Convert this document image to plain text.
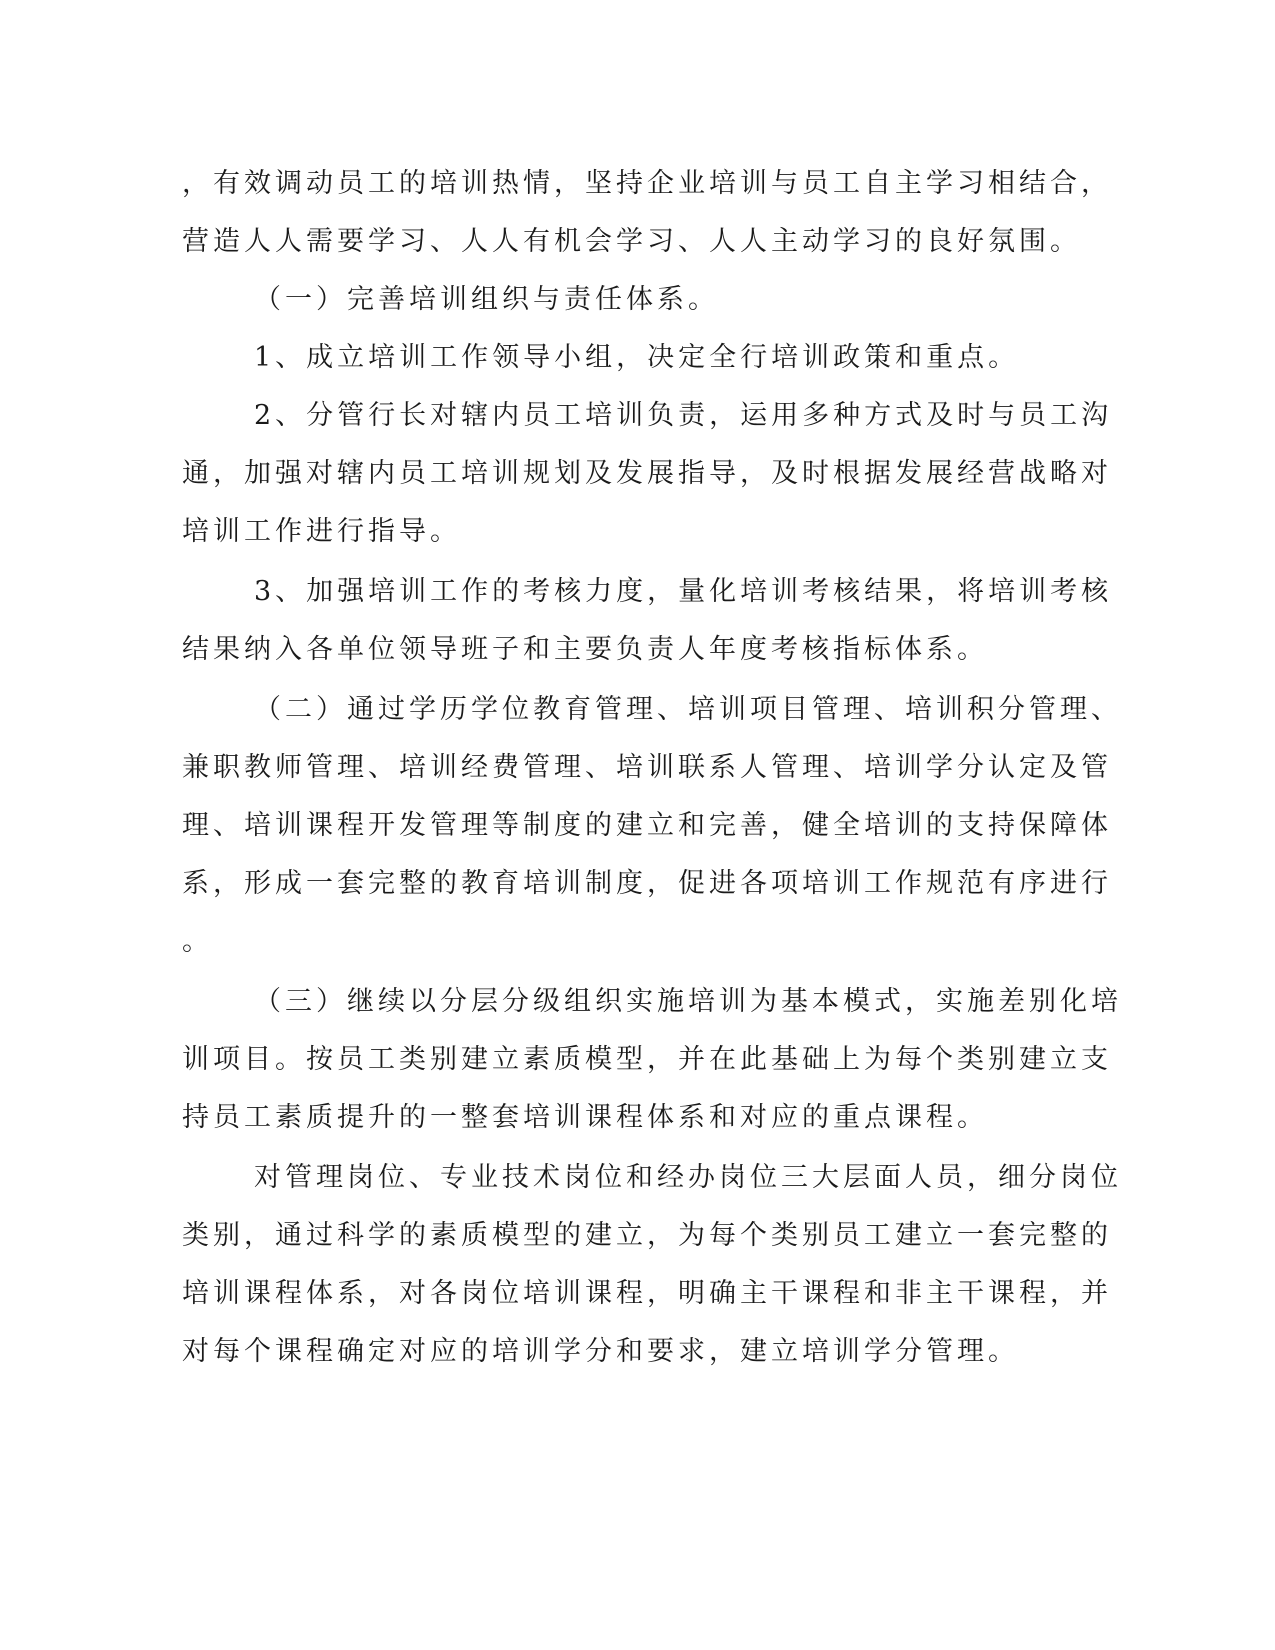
，有效调动员工的培训热情，坚持企业培训与员工自主学习相结合，
营造人人需要学习、人人有机会学习、人人主动学习的良好氛围。
（一）完善培训组织与责任体系。
1、成立培训工作领导小组，决定全行培训政策和重点。
2、分管行长对辖内员工培训负责，运用多种方式及时与员工沟
通，加强对辖内员工培训规划及发展指导，及时根据发展经营战略对
培训工作进行指导。
3、加强培训工作的考核力度，量化培训考核结果，将培训考核
结果纳入各单位领导班子和主要负责人年度考核指标体系。
（二）通过学历学位教育管理、培训项目管理、培训积分管理、
兼职教师管理、培训经费管理、培训联系人管理、培训学分认定及管
理、培训课程开发管理等制度的建立和完善，健全培训的支持保障体
系，形成一套完整的教育培训制度，促进各项培训工作规范有序进行
。
（三）继续以分层分级组织实施培训为基本模式，实施差别化培
训项目。按员工类别建立素质模型，并在此基础上为每个类别建立支
持员工素质提升的一整套培训课程体系和对应的重点课程。
对管理岗位、专业技术岗位和经办岗位三大层面人员，细分岗位
类别，通过科学的素质模型的建立，为每个类别员工建立一套完整的
培训课程体系，对各岗位培训课程，明确主干课程和非主干课程，并
对每个课程确定对应的培训学分和要求，建立培训学分管理。
